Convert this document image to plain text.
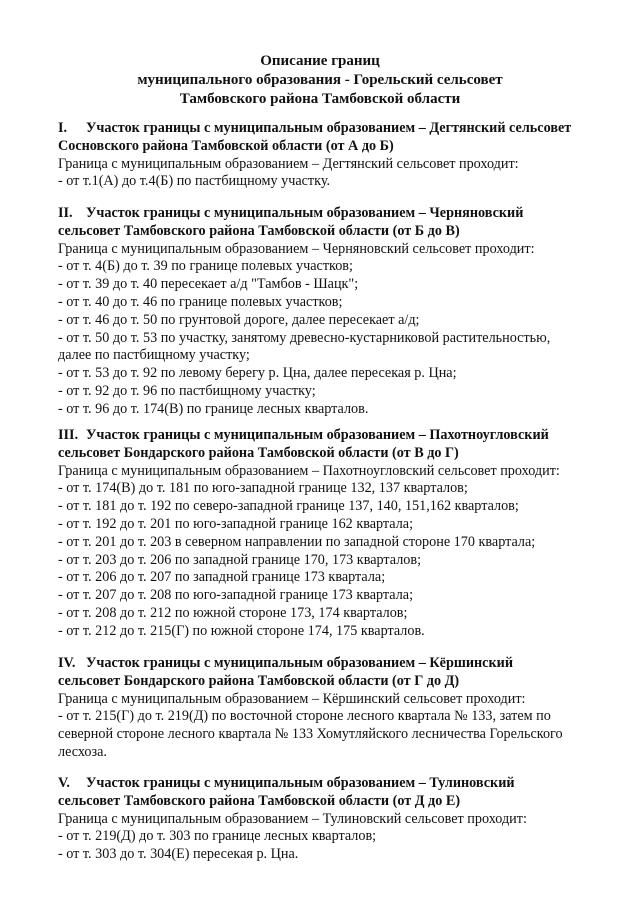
Описание границ
муниципального образования - Горельский сельсовет
Тамбовского района Тамбовской области
I. Участок границы с муниципальным образованием – Дегтянский сельсовет
Сосновского района Тамбовской области (от А до Б)
Граница с муниципальным образованием – Дегтянский сельсовет проходит:
- от т.1(А) до т.4(Б) по пастбищному участку.
II. Участок границы с муниципальным образованием – Черняновский
сельсовет Тамбовского района Тамбовской области (от Б до В)
Граница с муниципальным образованием – Черняновский сельсовет проходит:
- от т. 4(Б) до т. 39 по границе полевых участков;
- от т. 39 до т. 40 пересекает а/д "Тамбов - Шацк";
- от т. 40 до т. 46 по границе полевых участков;
- от т. 46 до т. 50 по грунтовой дороге, далее пересекает а/д;
- от т. 50 до т. 53 по участку, занятому древесно-кустарниковой растительностью,
далее по пастбищному участку;
- от т. 53 до т. 92 по левому берегу р. Цна, далее пересекая р. Цна;
- от т. 92 до т. 96 по пастбищному участку;
- от т. 96 до т. 174(В) по границе лесных кварталов.
III. Участок границы с муниципальным образованием – Пахотноугловский
сельсовет Бондарского района Тамбовской области (от В до Г)
Граница с муниципальным образованием – Пахотноугловский сельсовет проходит:
- от т. 174(В) до т. 181 по юго-западной границе 132, 137 кварталов;
- от т. 181 до т. 192 по северо-западной границе 137, 140, 151,162 кварталов;
- от т. 192 до т. 201 по юго-западной границе 162 квартала;
- от т. 201 до т. 203 в северном направлении по западной стороне 170 квартала;
- от т. 203 до т. 206 по западной границе 170, 173 кварталов;
- от т. 206 до т. 207 по западной границе 173 квартала;
- от т. 207 до т. 208 по юго-западной границе 173 квартала;
- от т. 208 до т. 212 по южной стороне 173, 174 кварталов;
- от т. 212 до т. 215(Г) по южной стороне 174, 175 кварталов.
IV. Участок границы с муниципальным образованием – Кёршинский
сельсовет Бондарского района Тамбовской области (от Г до Д)
Граница с муниципальным образованием – Кёршинский сельсовет проходит:
- от т. 215(Г) до т. 219(Д) по восточной стороне лесного квартала № 133, затем по
северной стороне лесного квартала № 133 Хомутляйского лесничества Горельского
лесхоза.
V. Участок границы с муниципальным образованием – Тулиновский
сельсовет Тамбовского района Тамбовской области (от Д до Е)
Граница с муниципальным образованием – Тулиновский сельсовет проходит:
- от т. 219(Д) до т. 303 по границе лесных кварталов;
- от т. 303 до т. 304(Е) пересекая р. Цна.
